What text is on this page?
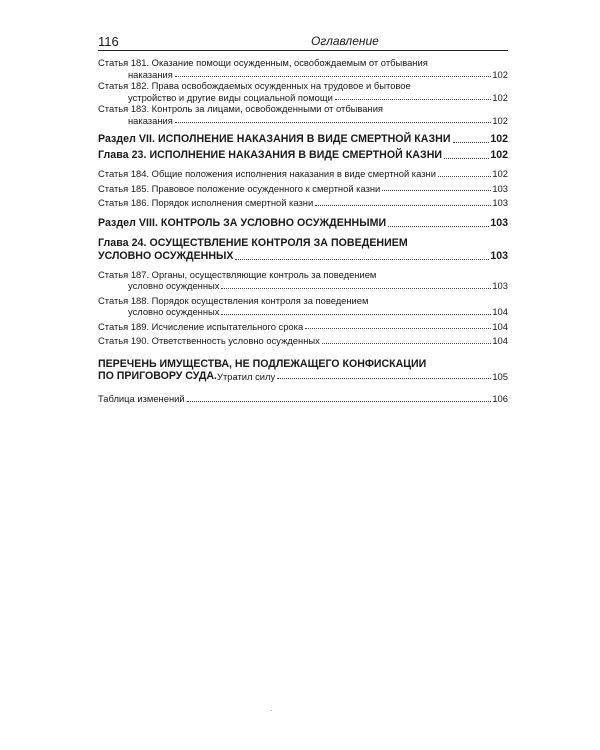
116	Оглавление
Статья 181. Оказание помощи осужденным, освобождаемым от отбывания
наказания	102
Статья 182. Права освобождаемых осужденных на трудовое и бытовое
устройство и другие виды социальной помощи	102
Статья 183. Контроль за лицами, освобожденными от отбывания
наказания	102
Раздел VII. ИСПОЛНЕНИЕ НАКАЗАНИЯ В ВИДЕ СМЕРТНОЙ КАЗНИ	102
Глава 23. ИСПОЛНЕНИЕ НАКАЗАНИЯ В ВИДЕ СМЕРТНОЙ КАЗНИ	102
Статья 184. Общие положения исполнения наказания в виде смертной казни	102
Статья 185. Правовое положение осужденного к смертной казни	103
Статья 186. Порядок исполнения смертной казни	103
Раздел VIII. КОНТРОЛЬ ЗА УСЛОВНО ОСУЖДЕННЫМИ	103
Глава 24. ОСУЩЕСТВЛЕНИЕ КОНТРОЛЯ ЗА ПОВЕДЕНИЕМ
УСЛОВНО ОСУЖДЕННЫХ	103
Статья 187. Органы, осуществляющие контроль за поведением
условно осужденных	103
Статья 188. Порядок осуществления контроля за поведением
условно осужденных	104
Статья 189. Исчисление испытательного срока	104
Статья 190. Ответственность условно осужденных	104
ПЕРЕЧЕНЬ ИМУЩЕСТВА, НЕ ПОДЛЕЖАЩЕГО КОНФИСКАЦИИ
ПО ПРИГОВОРУ СУДА. Утратил силу	105
Таблица изменений	106
